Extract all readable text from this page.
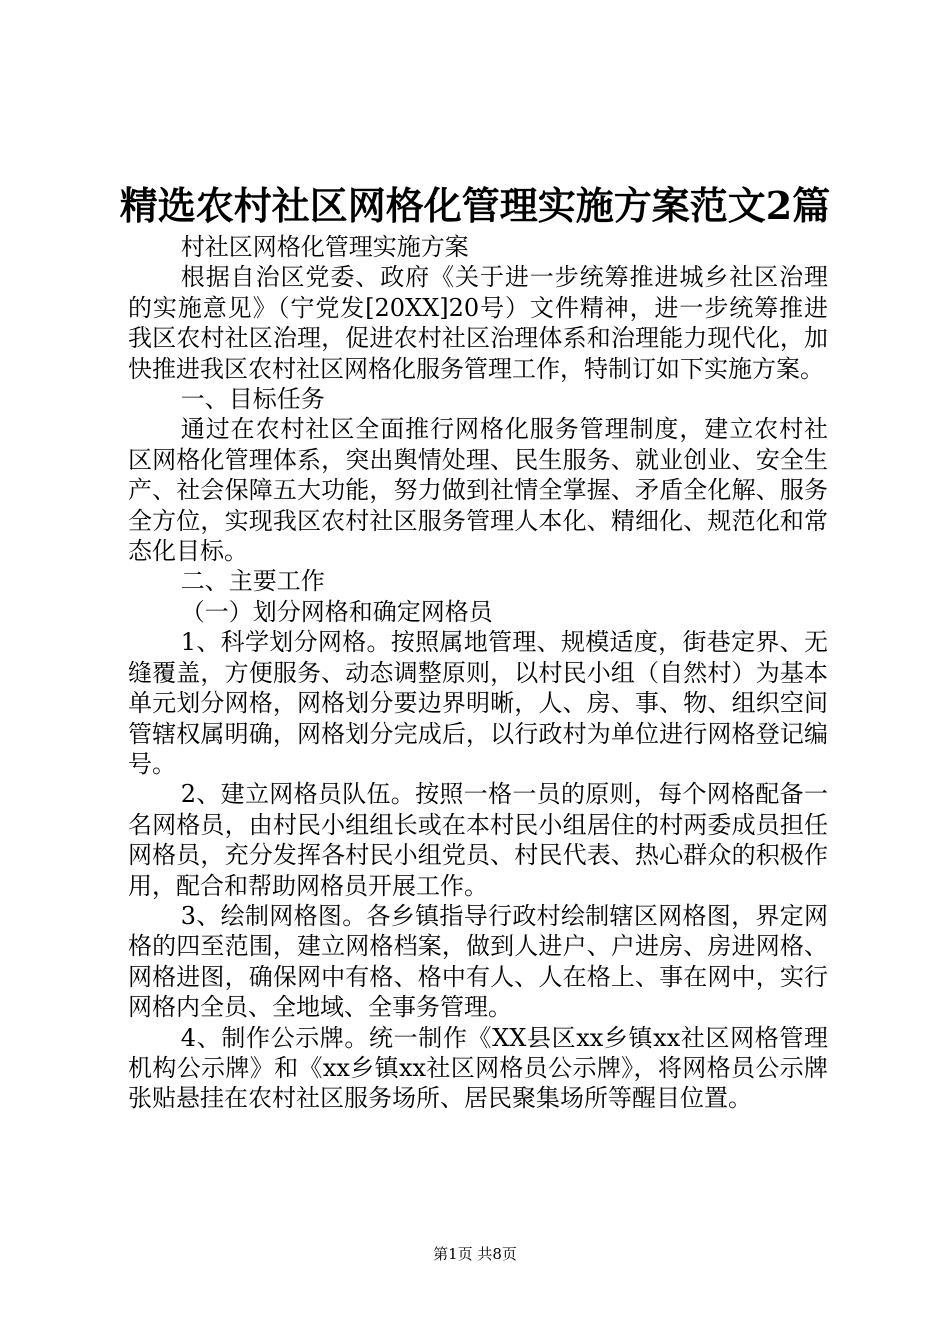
精选农村社区网格化管理实施方案范文2篇

村社区网格化管理实施方案

根据自治区党委、政府《关于进一步统筹推进城乡社区治理的实施意见》（宁党发[20XX]20号）文件精神，进一步统筹推进我区农村社区治理，促进农村社区治理体系和治理能力现代化，加快推进我区农村社区网格化服务管理工作，特制订如下实施方案。

一、目标任务

通过在农村社区全面推行网格化服务管理制度，建立农村社区网格化管理体系，突出舆情处理、民生服务、就业创业、安全生产、社会保障五大功能，努力做到社情全掌握、矛盾全化解、服务全方位，实现我区农村社区服务管理人本化、精细化、规范化和常态化目标。

二、主要工作

（一）划分网格和确定网格员

1、科学划分网格。按照属地管理、规模适度，街巷定界、无缝覆盖，方便服务、动态调整原则，以村民小组（自然村）为基本单元划分网格，网格划分要边界明晰，人、房、事、物、组织空间管辖权属明确，网格划分完成后，以行政村为单位进行网格登记编号。

2、建立网格员队伍。按照一格一员的原则，每个网格配备一名网格员，由村民小组组长或在本村民小组居住的村两委成员担任网格员，充分发挥各村民小组党员、村民代表、热心群众的积极作用，配合和帮助网格员开展工作。

3、绘制网格图。各乡镇指导行政村绘制辖区网格图，界定网格的四至范围，建立网格档案，做到人进户、户进房、房进网格、网格进图，确保网中有格、格中有人、人在格上、事在网中，实行网格内全员、全地域、全事务管理。

4、制作公示牌。统一制作《XX县区xx乡镇xx社区网格管理机构公示牌》和《xx乡镇xx社区网格员公示牌》，将网格员公示牌张贴悬挂在农村社区服务场所、居民聚集场所等醒目位置。

第1页 共8页
